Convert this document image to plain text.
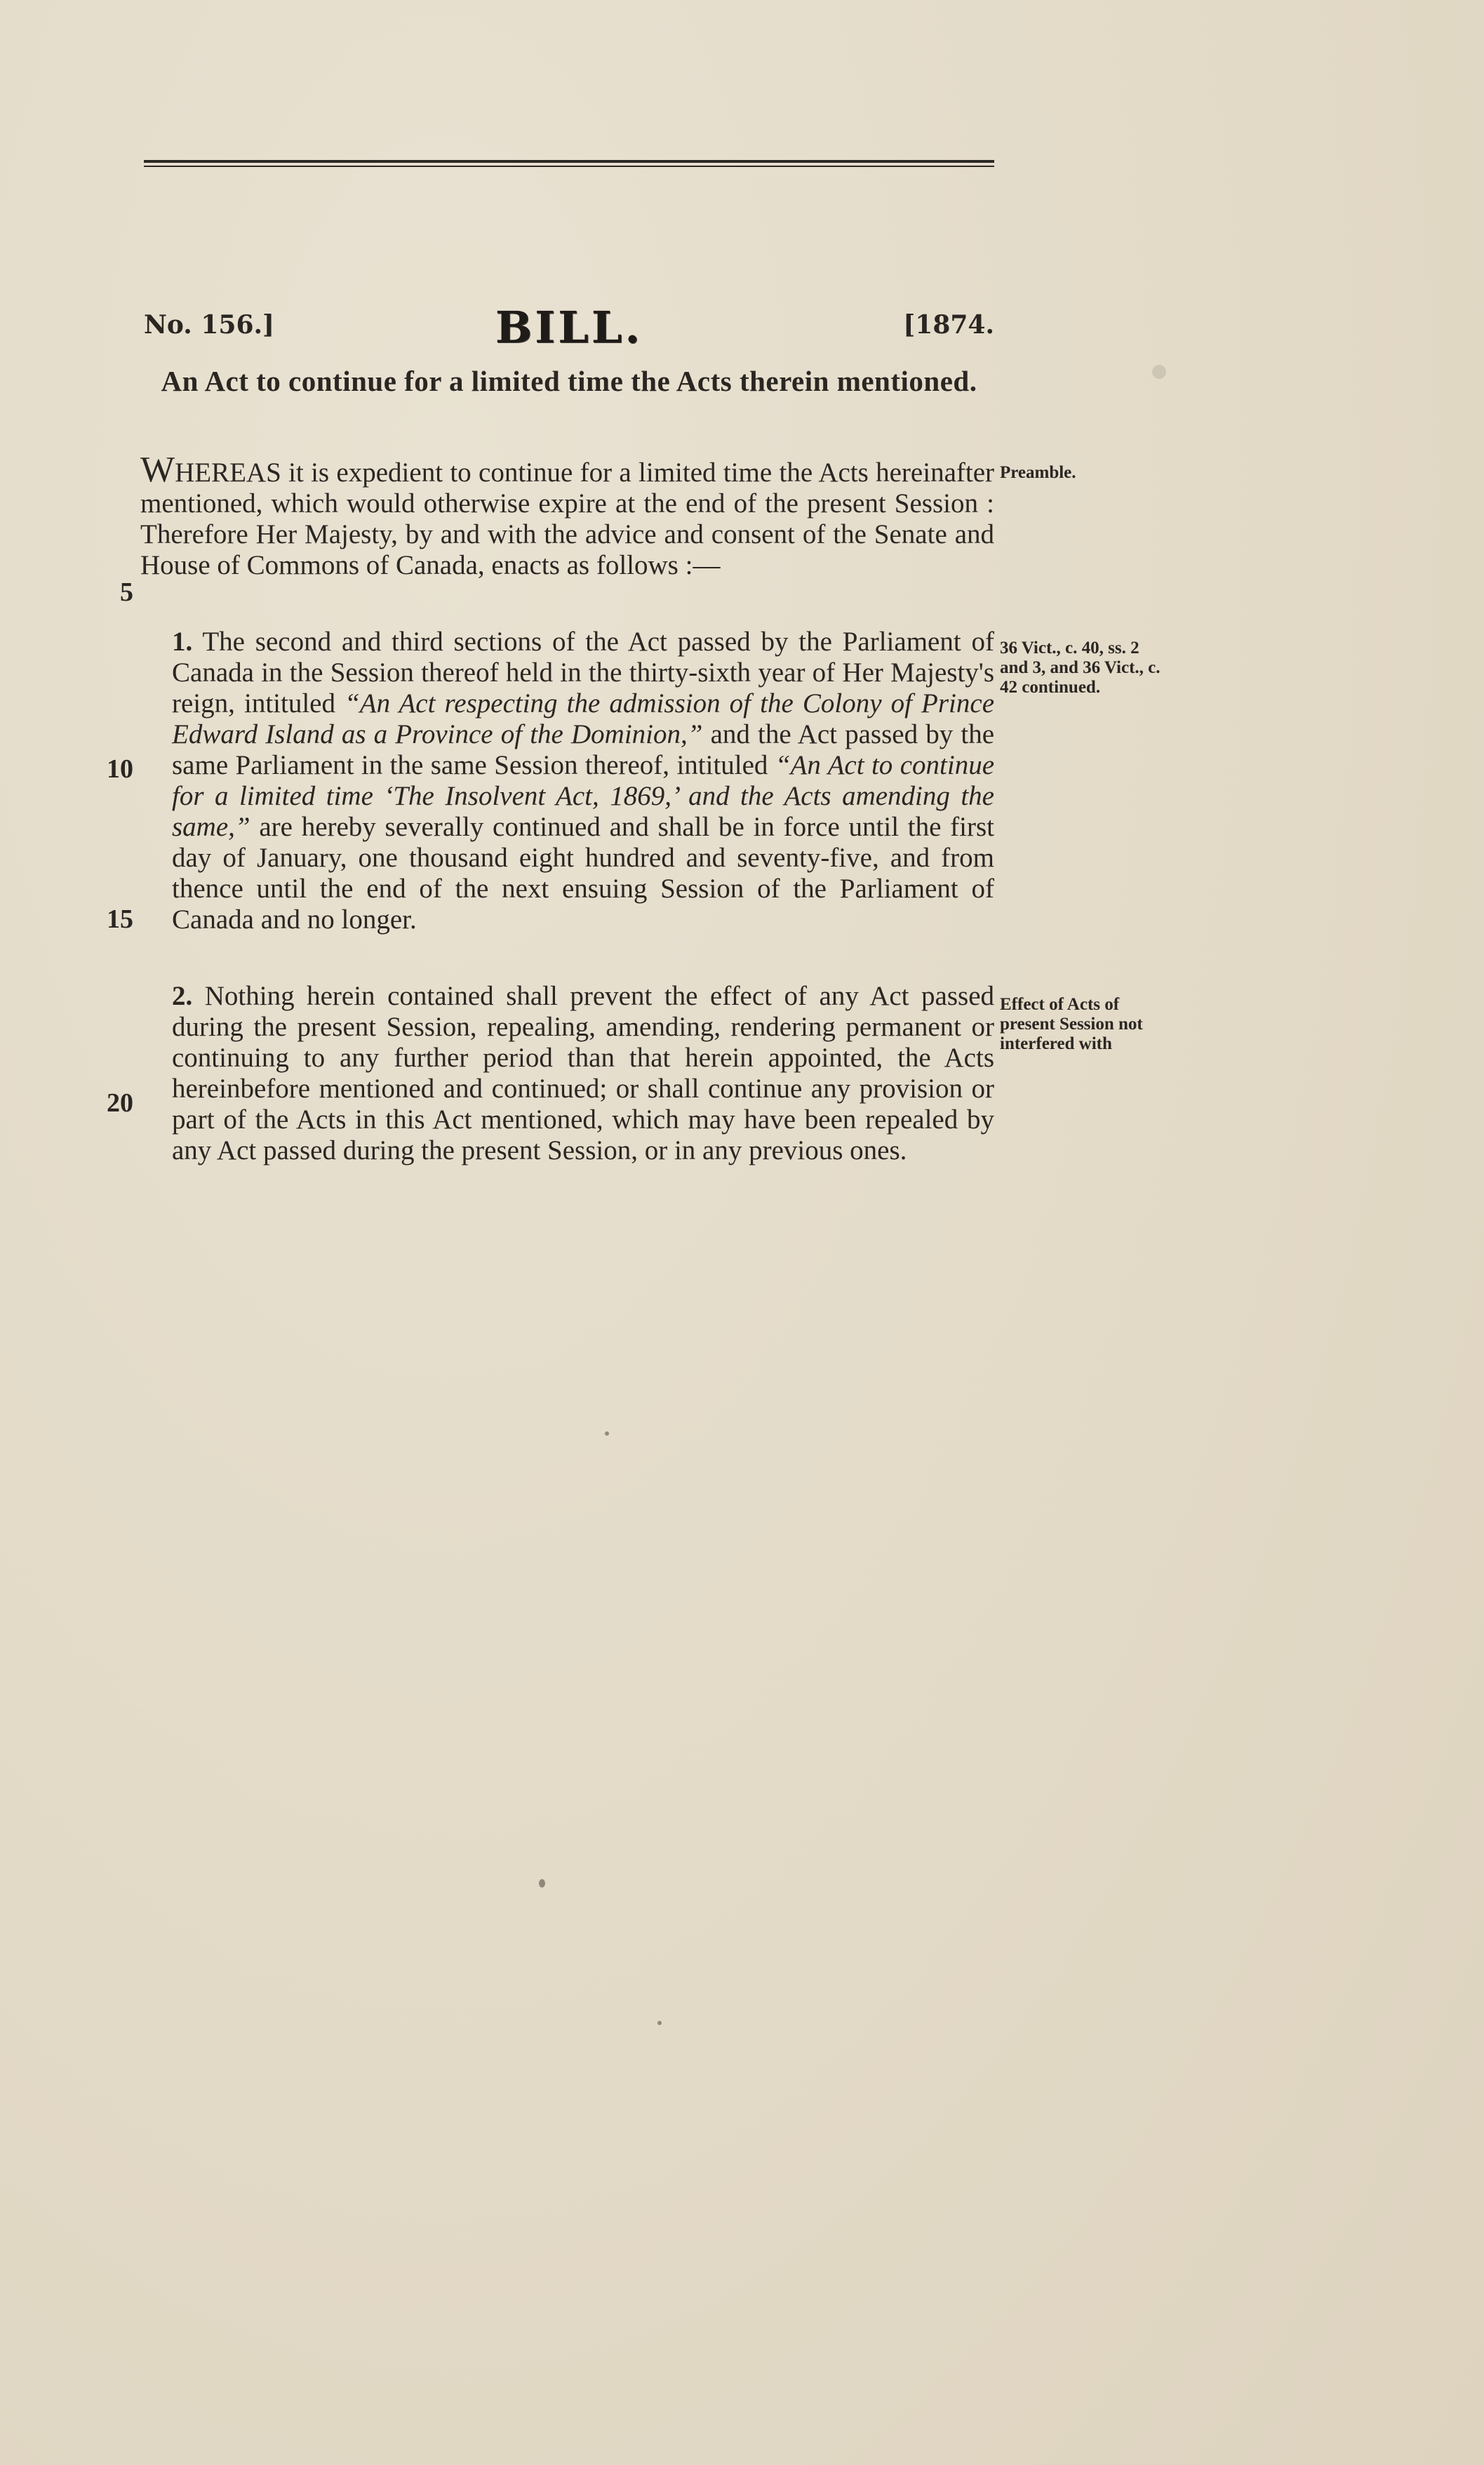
No. 156.]	BILL.	[1874.
An Act to continue for a limited time the Acts therein mentioned.

WHEREAS it is expedient to continue for a limited time the Acts hereinafter mentioned, which would otherwise expire at the end of the present Session : Therefore Her Majesty, by and with the advice and consent of the Senate and House of Commons of Canada, enacts as follows :—

Preamble.

1. The second and third sections of the Act passed by the Parliament of Canada in the Session thereof held in the thirty-sixth year of Her Majesty's reign, intituled “An Act respecting the admission of the Colony of Prince Edward Island as a Province of the Dominion,” and the Act passed by the same Parliament in the same Session thereof, intituled “An Act to continue for a limited time ‘The Insolvent Act, 1869,’ and the Acts amending the same,” are hereby severally continued and shall be in force until the first day of January, one thousand eight hundred and seventy-five, and from thence until the end of the next ensuing Session of the Parliament of Canada and no longer.

36 Vict., c. 40, ss. 2 and 3, and 36 Vict., c. 42 continued.

2. Nothing herein contained shall prevent the effect of any Act passed during the present Session, repealing, amending, rendering permanent or continuing to any further period than that herein appointed, the Acts hereinbefore mentioned and continued; or shall continue any provision or part of the Acts in this Act mentioned, which may have been repealed by any Act passed during the present Session, or in any previous ones.

Effect of Acts of present Session not interfered with
5
10
15
20
